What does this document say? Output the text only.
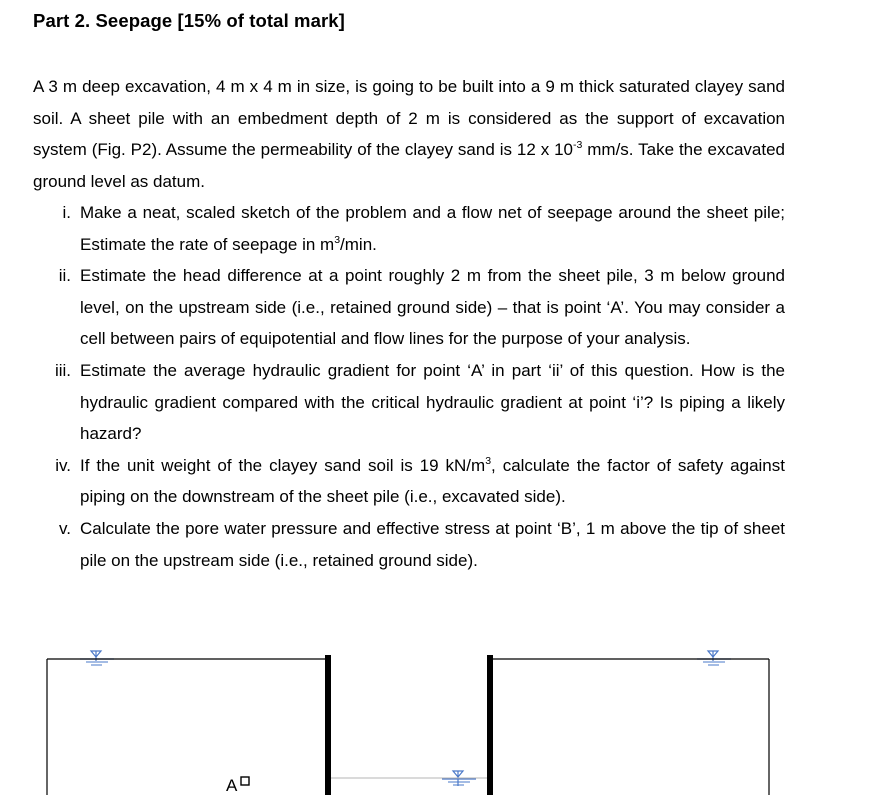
Part 2. Seepage [15% of total mark]

A 3 m deep excavation, 4 m x 4 m in size, is going to be built into a 9 m thick saturated clayey sand soil. A sheet pile with an embedment depth of 2 m is considered as the support of excavation system (Fig. P2). Assume the permeability of the clayey sand is 12 x $10^{-3}$ mm/s. Take the excavated ground level as datum.

i. Make a neat, scaled sketch of the problem and a flow net of seepage around the sheet pile; Estimate the rate of seepage in $m^3/\min$.
ii. Estimate the head difference at a point roughly 2 m from the sheet pile, 3 m below ground level, on the upstream side (i.e., retained ground side) – that is point ‘A’. You may consider a cell between pairs of equipotential and flow lines for the purpose of your analysis.
iii. Estimate the average hydraulic gradient for point ‘A’ in part ‘ii’ of this question. How is the hydraulic gradient compared with the critical hydraulic gradient at point ‘i’? Is piping a likely hazard?
iv. If the unit weight of the clayey sand soil is 19 $kN/m^3$, calculate the factor of safety against piping on the downstream of the sheet pile (i.e., excavated side).
v. Calculate the pore water pressure and effective stress at point ‘B’, 1 m above the tip of sheet pile on the upstream side (i.e., retained ground side).
A
